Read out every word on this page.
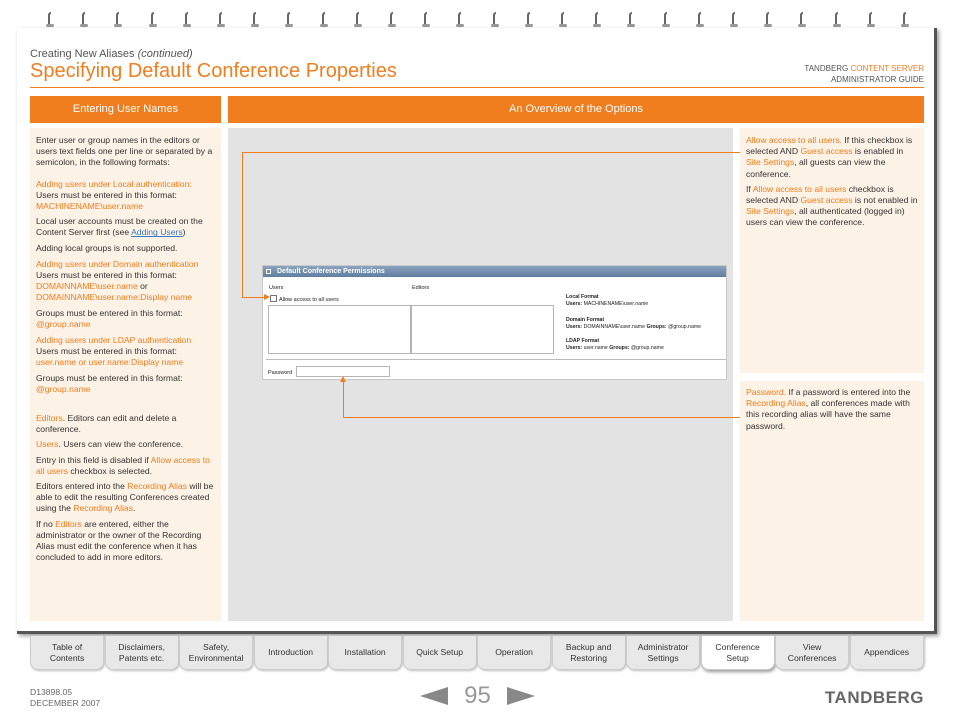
Creating New Aliases (continued)
Specifying Default Conference Properties	TANDBERG CONTENT SERVER
ADMINISTRATOR GUIDE
Entering User Names	An Overview of the Options

Enter user or group names in the editors or users text fields one per line or separated by a semicolon, in the following formats:

Adding users under Local authentication:

Users must be entered in this format:

MACHINENAME\user.name

Local user accounts must be created on the Content Server first (see Adding Users)

Adding local groups is not supported.

Adding users under Domain authentication

Users must be entered in this format:

DOMAINNAME\user.name or DOMAINNAME\user.name:Display name

Groups must be entered in this format:

@group.name

Adding users under LDAP authentication

Users must be entered in this format:

user.name or user.name:Display name

Groups must be entered in this format:

@group.name

Editors. Editors can edit and delete a conference.

Users. Users can view the conference.

Entry in this field is disabled if Allow access to all users checkbox is selected.

Editors entered into the Recording Alias will be able to edit the resulting Conferences created using the Recording Alias.

If no Editors are entered, either the administrator or the owner of the Recording Alias must edit the conference when it has concluded to add in more editors.

Default Conference Permissions
Users	Editors
Allow access to all users	Local Format
Users: MACHINENAME\user.name
Domain Format
Users: DOMAINNAME\user.name Groups: @group.name
LDAP Format
Users: user.name Groups: @group.name
Password

Allow access to all users. If this checkbox is selected AND Guest access is enabled in Site Settings, all guests can view the conference.

If Allow access to all users checkbox is selected AND Guest access is not enabled in Site Settings, all authenticated (logged in) users can view the conference.

Password. If a password is entered into the Recording Alias, all conferences made with this recording alias will have the same password.

Table of
Contents
Disclaimers,
Patents etc.
Safety,
Environmental
Introduction	Installation	Quick Setup	Operation
Backup and
Restoring
Administrator
Settings
Conference
Setup
View
Conferences
Appendices
D13898.05
DECEMBER 2007	95	TANDBERG
